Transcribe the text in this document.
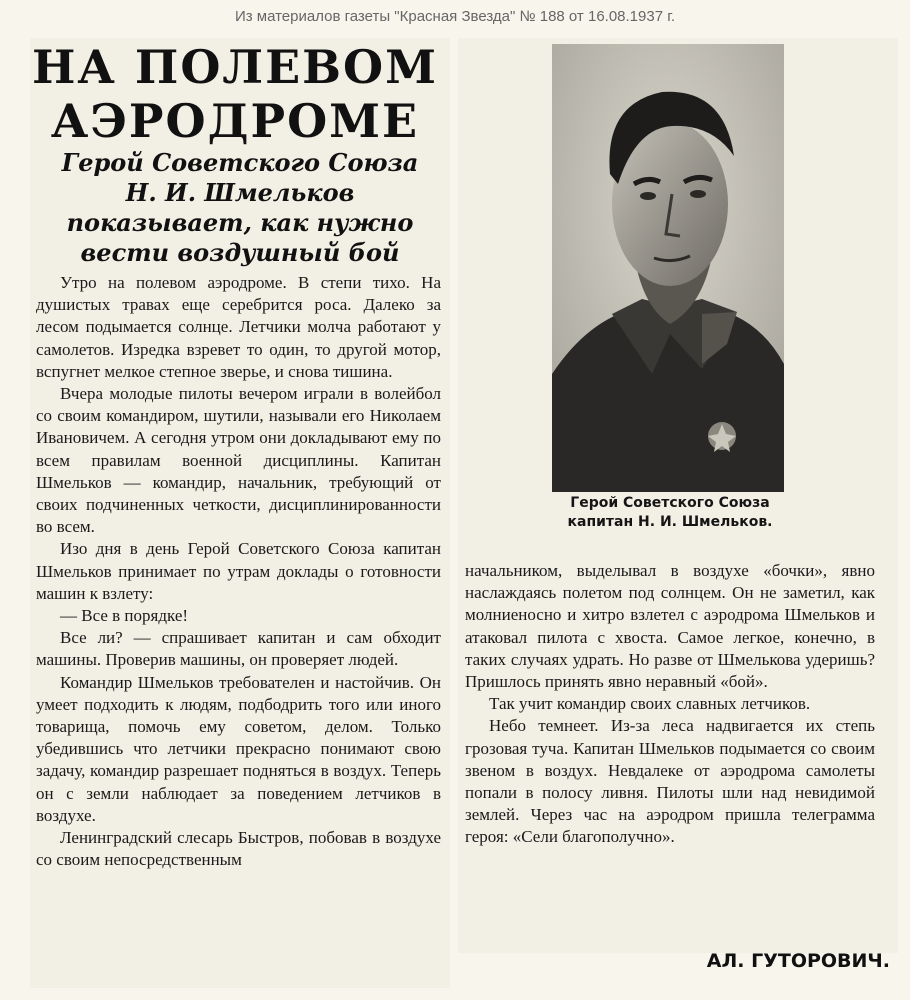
Из материалов газеты "Красная Звезда" № 188 от 16.08.1937 г.
НА ПОЛЕВОМ
АЭРОДРОМЕ
Герой Советского Союза
Н. И. Шмельков
показывает, как нужно
вести воздушный бой

Утро на полевом аэродроме. В степи тихо. На душистых травах еще серебрится роса. Далеко за лесом подымается солнце. Летчики молча работают у самолетов. Изредка взревет то один, то другой мотор, вспугнет мелкое степное зверье, и снова тишина.

Вчера молодые пилоты вечером играли в волейбол со своим командиром, шутили, называли его Николаем Ивановичем. А сегодня утром они докладывают ему по всем правилам военной дисциплины. Капитан Шмельков — командир, начальник, требующий от своих подчиненных четкости, дисциплинированности во всем.

Изо дня в день Герой Советского Союза капитан Шмельков принимает по утрам доклады о готовности машин к взлету:

— Все в порядке!

Все ли? — спрашивает капитан и сам обходит машины. Проверив машины, он проверяет людей.

Командир Шмельков требователен и настойчив. Он умеет подходить к людям, подбодрить того или иного товарища, помочь ему советом, делом. Только убедившись что летчики прекрасно понимают свою задачу, командир разрешает подняться в воздух. Теперь он с земли наблюдает за поведением летчиков в воздухе.

Ленинградский слесарь Быстров, побовав в воздухе со своим непосредственным

Герой Советского Союза
капитан Н. И. Шмельков.

начальником, выделывал в воздухе «бочки», явно наслаждаясь полетом под солнцем. Он не заметил, как молниеносно и хитро взлетел с аэродрома Шмельков и атаковал пилота с хвоста. Самое легкое, конечно, в таких случаях удрать. Но разве от Шмелькова удеришь? Пришлось принять явно неравный «бой».

Так учит командир своих славных летчиков.

Небо темнеет. Из-за леса надвигается их степь грозовая туча. Капитан Шмельков подымается со своим звеном в воздух. Невдалеке от аэродрома самолеты попали в полосу ливня. Пилоты шли над невидимой землей. Через час на аэродром пришла телеграмма героя: «Сели благополучно».

АЛ. ГУТОРОВИЧ.
